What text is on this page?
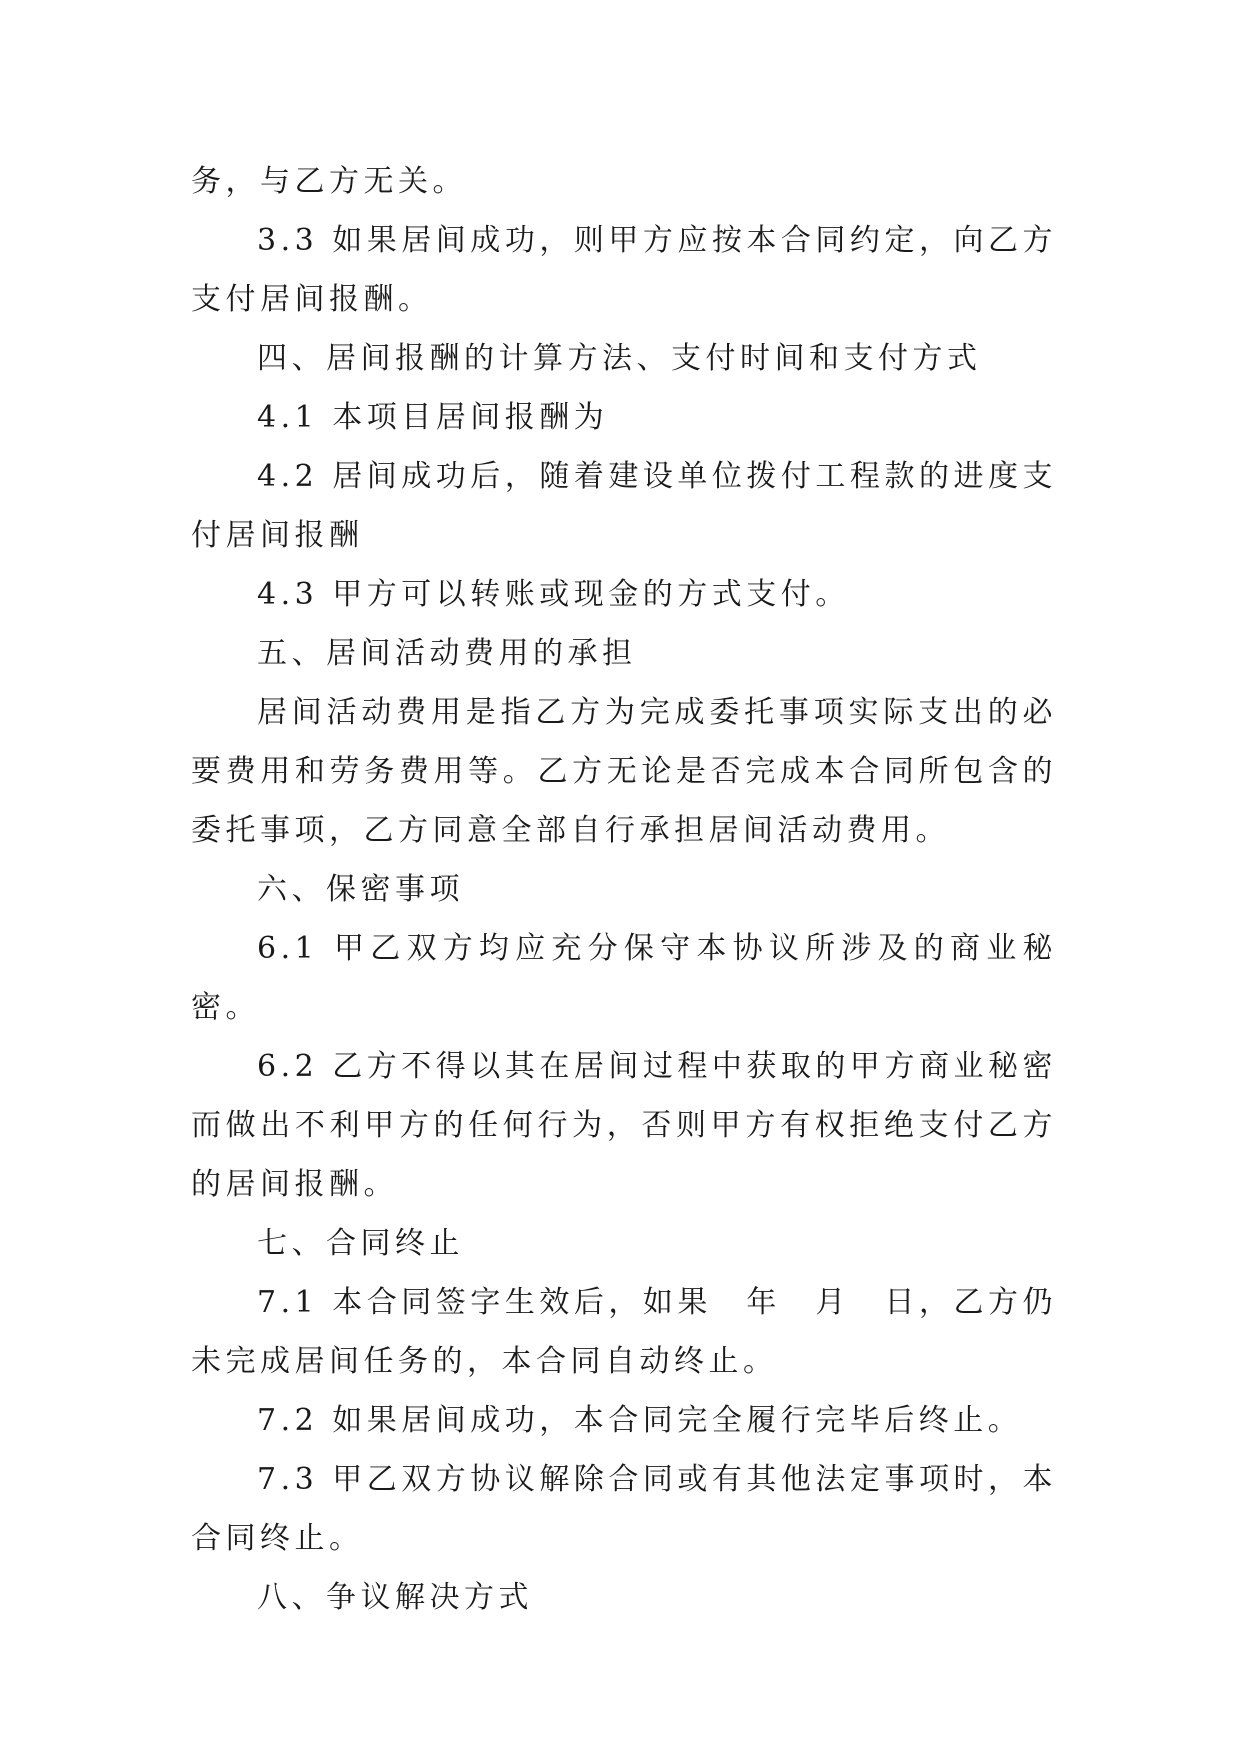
务，与乙方无关。

3.3 如果居间成功，则甲方应按本合同约定，向乙方支付居间报酬。

四、居间报酬的计算方法、支付时间和支付方式

4.1 本项目居间报酬为

4.2 居间成功后，随着建设单位拨付工程款的进度支付居间报酬

4.3 甲方可以转账或现金的方式支付。

五、居间活动费用的承担

居间活动费用是指乙方为完成委托事项实际支出的必要费用和劳务费用等。乙方无论是否完成本合同所包含的委托事项，乙方同意全部自行承担居间活动费用。

六、保密事项

6.1 甲乙双方均应充分保守本协议所涉及的商业秘密。

6.2 乙方不得以其在居间过程中获取的甲方商业秘密而做出不利甲方的任何行为，否则甲方有权拒绝支付乙方的居间报酬。

七、合同终止

7.1 本合同签字生效后，如果　年　月　日，乙方仍未完成居间任务的，本合同自动终止。

7.2 如果居间成功，本合同完全履行完毕后终止。

7.3 甲乙双方协议解除合同或有其他法定事项时，本合同终止。

八、争议解决方式
